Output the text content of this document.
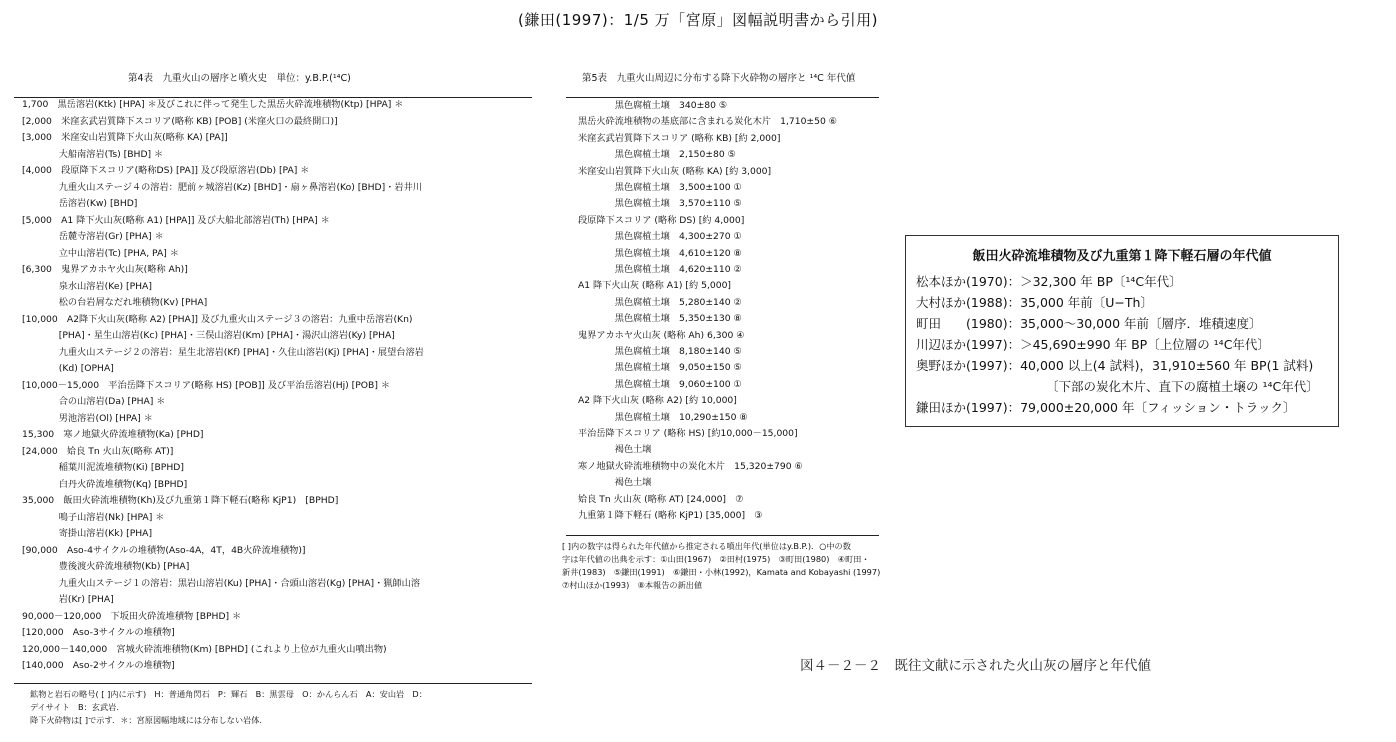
(鎌田(1997)：1/5 万「宮原」図幅説明書から引用)
第4表　九重火山の層序と噴火史　単位：y.B.P.(¹⁴C)
1,700　黒岳溶岩(Ktk) [HPA] ＊及びこれに伴って発生した黒岳火砕流堆積物(Ktp) [HPA] ＊
[2,000　米窪玄武岩質降下スコリア(略称 KB) [POB] (米窪火口の最終開口)]
[3,000　米窪安山岩質降下火山灰(略称 KA) [PA]]
　　　　大船南溶岩(Ts) [BHD] ＊
[4,000　段原降下スコリア(略称DS) [PA]] 及び段原溶岩(Db) [PA] ＊
　　　　九重火山ステージ４の溶岩：肥前ヶ城溶岩(Kz) [BHD]・扇ヶ鼻溶岩(Ko) [BHD]・岩井川
　　　　岳溶岩(Kw) [BHD]
[5,000　A1 降下火山灰(略称 A1) [HPA]] 及び大船北部溶岩(Th) [HPA] ＊
　　　　岳麓寺溶岩(Gr) [PHA] ＊
　　　　立中山溶岩(Tc) [PHA, PA] ＊
[6,300　鬼界アカホヤ火山灰(略称 Ah)]
　　　　泉水山溶岩(Ke) [PHA]
　　　　松の台岩屑なだれ堆積物(Kv) [PHA]
[10,000　A2降下火山灰(略称 A2) [PHA]] 及び九重火山ステージ３の溶岩：九重中岳溶岩(Kn)
　　　　[PHA]・星生山溶岩(Kc) [PHA]・三俣山溶岩(Km) [PHA]・湯沢山溶岩(Ky) [PHA]
　　　　九重火山ステージ２の溶岩：星生北溶岩(Kf) [PHA]・久住山溶岩(Kj) [PHA]・展望台溶岩
　　　　(Kd) [OPHA]
[10,000－15,000　平治岳降下スコリア(略称 HS) [POB]] 及び平治岳溶岩(Hj) [POB] ＊
　　　　合の山溶岩(Da) [PHA] ＊
　　　　男池溶岩(Ol) [HPA] ＊
15,300　寒ノ地獄火砕流堆積物(Ka) [PHD]
[24,000　姶良 Tn 火山灰(略称 AT)]
　　　　稲葉川泥流堆積物(Ki) [BPHD]
　　　　白丹火砕流堆積物(Kq) [BPHD]
35,000　飯田火砕流堆積物(Kh)及び九重第１降下軽石(略称 KjP1)　[BPHD]
　　　　鳴子山溶岩(Nk) [HPA] ＊
　　　　寄掛山溶岩(Kk) [PHA]
[90,000　Aso-4サイクルの堆積物(Aso-4A，4T，4B火砕流堆積物)]
　　　　豊後渡火砕流堆積物(Kb) [PHA]
　　　　九重火山ステージ１の溶岩：黒岩山溶岩(Ku) [PHA]・合頭山溶岩(Kg) [PHA]・猟師山溶
　　　　岩(Kr) [PHA]
90,000－120,000　下坂田火砕流堆積物 [BPHD] ＊
[120,000　Aso-3サイクルの堆積物]
120,000－140,000　宮城火砕流堆積物(Km) [BPHD] (これより上位が九重火山噴出物)
[140,000　Aso-2サイクルの堆積物]
鉱物と岩石の略号( [ ]内に示す)　H：普通角閃石　P：輝石　B：黒雲母　O：かんらん石　A：安山岩　D：
デイサイト　B：玄武岩.
降下火砕物は[ ]で示す．＊：宮原図幅地域には分布しない岩体.
第5表　九重火山周辺に分布する降下火砕物の層序と ¹⁴C 年代値
　　　　黒色腐植土壌　340±80 ⑤
黒岳火砕流堆積物の基底部に含まれる炭化木片　1,710±50 ⑥
米窪玄武岩質降下スコリア (略称 KB) [約 2,000]
　　　　黒色腐植土壌　2,150±80 ⑤
米窪安山岩質降下火山灰 (略称 KA) [約 3,000]
　　　　黒色腐植土壌　3,500±100 ①
　　　　黒色腐植土壌　3,570±110 ⑤
段原降下スコリア (略称 DS) [約 4,000]
　　　　黒色腐植土壌　4,300±270 ①
　　　　黒色腐植土壌　4,610±120 ⑧
　　　　黒色腐植土壌　4,620±110 ②
A1 降下火山灰 (略称 A1) [約 5,000]
　　　　黒色腐植土壌　5,280±140 ②
　　　　黒色腐植土壌　5,350±130 ⑧
鬼界アカホヤ火山灰 (略称 Ah) 6,300 ④
　　　　黒色腐植土壌　8,180±140 ⑤
　　　　黒色腐植土壌　9,050±150 ⑤
　　　　黒色腐植土壌　9,060±100 ①
A2 降下火山灰 (略称 A2) [約 10,000]
　　　　黒色腐植土壌　10,290±150 ⑧
平治岳降下スコリア (略称 HS) [約10,000－15,000]
　　　　褐色土壌
寒ノ地獄火砕流堆積物中の炭化木片　15,320±790 ⑥
　　　　褐色土壌
姶良 Tn 火山灰 (略称 AT) [24,000]　⑦
九重第１降下軽石 (略称 KjP1) [35,000]　③
[ ]内の数字は得られた年代値から推定される噴出年代(単位はy.B.P.)．○中の数
字は年代値の出典を示す：①山田(1967)　②田村(1975)　③町田(1980)　④町田・
新井(1983)　⑤鎌田(1991)　⑥鎌田・小林(1992)，Kamata and Kobayashi (1997)
⑦村山ほか(1993)　⑧本報告の新出値
飯田火砕流堆積物及び九重第１降下軽石層の年代値
松本ほか(1970)：＞32,300 年 BP〔¹⁴C年代〕
大村ほか(1988)：35,000 年前〔U−Th〕
町田　　(1980)：35,000～30,000 年前〔層序．堆積速度〕
川辺ほか(1997)：＞45,690±990 年 BP〔上位層の ¹⁴C年代〕
奥野ほか(1997)：40,000 以上(4 試料)，31,910±560 年 BP(1 試料)
〔下部の炭化木片、直下の腐植土壌の ¹⁴C年代〕
鎌田ほか(1997)：79,000±20,000 年〔フィッション・トラック〕
図４－２－２　既往文献に示された火山灰の層序と年代値
